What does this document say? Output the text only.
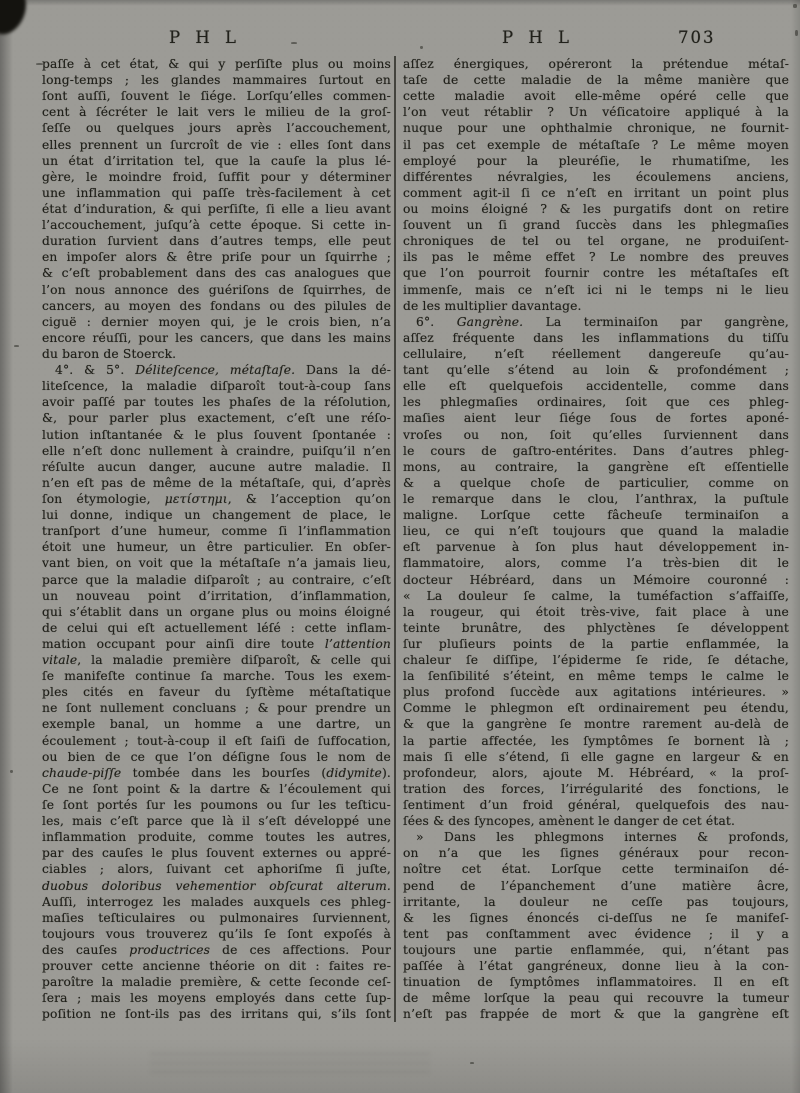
P H L	P H L	703
paſſe à cet état, & qui y perſiſte plus ou moins
long-temps ; les glandes mammaires ſurtout en
ſont auſſi, ſouvent le ſiége. Lorſqu’elles commen-
cent à ſécréter le lait vers le milieu de la groſ-
ſeſſe ou quelques jours après l’accouchement,
elles prennent un ſurcroît de vie : elles ſont dans
un état d’irritation tel, que la cauſe la plus lé-
gère, le moindre froid, ſuffit pour y déterminer
une inflammation qui paſſe très-facilement à cet
état d’induration, & qui perſiſte, ſi elle a lieu avant
l’accouchement, juſqu’à cette époque. Si cette in-
duration ſurvient dans d’autres temps, elle peut
en impoſer alors & être priſe pour un ſquirrhe ;
& c’eſt probablement dans des cas analogues que
l’on nous annonce des guériſons de ſquirrhes, de
cancers, au moyen des fondans ou des pilules de
ciguë : dernier moyen qui, je le crois bien, n’a
encore réuſſi, pour les cancers, que dans les mains
du baron de Stoerck.
4°. & 5°. Déliteſcence, métaſtaſe. Dans la dé-
liteſcence, la maladie diſparoît tout-à-coup ſans
avoir paſſé par toutes les phaſes de la réſolution,
&, pour parler plus exactement, c’eſt une réſo-
lution inſtantanée & le plus ſouvent ſpontanée :
elle n’eſt donc nullement à craindre, puiſqu’il n’en
réſulte aucun danger, aucune autre maladie. Il
n’en eſt pas de même de la métaſtaſe, qui, d’après
ſon étymologie, μετίστημι, & l’acception qu’on
lui donne, indique un changement de place, le
tranſport d’une humeur, comme ſi l’inflammation
étoit une humeur, un être particulier. En obſer-
vant bien, on voit que la métaſtaſe n’a jamais lieu,
parce que la maladie diſparoît ; au contraire, c’eſt
un nouveau point d’irritation, d’inflammation,
qui s’établit dans un organe plus ou moins éloigné
de celui qui eſt actuellement léſé : cette inflam-
mation occupant pour ainſi dire toute l’attention
vitale, la maladie première diſparoît, & celle qui
ſe manifeſte continue ſa marche. Tous les exem-
ples cités en faveur du ſyſtème métaſtatique
ne ſont nullement concluans ; & pour prendre un
exemple banal, un homme a une dartre, un
écoulement ; tout-à-coup il eſt ſaiſi de ſuffocation,
ou bien de ce que l’on déſigne ſous le nom de
chaude-piſſe tombée dans les bourſes (didymite).
Ce ne ſont point & la dartre & l’écoulement qui
ſe ſont portés ſur les poumons ou ſur les teſticu-
les, mais c’eſt parce que là il s’eſt développé une
inflammation produite, comme toutes les autres,
par des cauſes le plus ſouvent externes ou appré-
ciables ; alors, ſuivant cet aphoriſme ſi juſte,
duobus doloribus vehementior obſcurat alterum.
Auſſi, interrogez les malades auxquels ces phleg-
maſies teſticulaires ou pulmonaires ſurviennent,
toujours vous trouverez qu’ils ſe ſont expoſés à
des cauſes productrices de ces affections. Pour
prouver cette ancienne théorie on dit : faites re-
paroître la maladie première, & cette ſeconde ceſ-
ſera ; mais les moyens employés dans cette ſup-
poſition ne ſont-ils pas des irritans qui, s’ils ſont
aſſez énergiques, opéreront la prétendue métaſ-
taſe de cette maladie de la même manière que
cette maladie avoit elle-même opéré celle que
l’on veut rétablir ? Un véſicatoire appliqué à la
nuque pour une ophthalmie chronique, ne fournit-
il pas cet exemple de métaſtaſe ? Le même moyen
employé pour la pleuréſie, le rhumatiſme, les
différentes névralgies, les écoulemens anciens,
comment agit-il ſi ce n’eſt en irritant un point plus
ou moins éloigné ? & les purgatifs dont on retire
ſouvent un ſi grand ſuccès dans les phlegmaſies
chroniques de tel ou tel organe, ne produiſent-
ils pas le même effet ? Le nombre des preuves
que l’on pourroit fournir contre les métaſtaſes eſt
immenſe, mais ce n’eſt ici ni le temps ni le lieu
de les multiplier davantage.
6°. Gangrène. La terminaiſon par gangrène,
aſſez fréquente dans les inflammations du tiſſu
cellulaire, n’eſt réellement dangereuſe qu’au-
tant qu’elle s’étend au loin & profondément ;
elle eſt quelquefois accidentelle, comme dans
les phlegmaſies ordinaires, ſoit que ces phleg-
maſies aient leur ſiége ſous de fortes aponé-
vroſes ou non, ſoit qu’elles ſurviennent dans
le cours de gaſtro-entérites. Dans d’autres phleg-
mons, au contraire, la gangrène eſt eſſentielle
& a quelque choſe de particulier, comme on
le remarque dans le clou, l’anthrax, la puſtule
maligne. Lorſque cette fâcheuſe terminaiſon a
lieu, ce qui n’eſt toujours que quand la maladie
eſt parvenue à ſon plus haut développement in-
flammatoire, alors, comme l’a très-bien dit le
docteur Hébréard, dans un Mémoire couronné :
« La douleur ſe calme, la tuméfaction s’affaiſſe,
la rougeur, qui étoit très-vive, fait place à une
teinte brunâtre, des phlyctènes ſe développent
ſur pluſieurs points de la partie enflammée, la
chaleur ſe diſſipe, l’épiderme ſe ride, ſe détache,
la ſenſibilité s’éteint, en même temps le calme le
plus profond ſuccède aux agitations intérieures. »
Comme le phlegmon eſt ordinairement peu étendu,
& que la gangrène ſe montre rarement au-delà de
la partie affectée, les ſymptômes ſe bornent là ;
mais ſi elle s’étend, ſi elle gagne en largeur & en
profondeur, alors, ajoute M. Hébréard, « la proſ-
tration des forces, l’irrégularité des fonctions, le
ſentiment d’un froid général, quelquefois des nau-
ſées & des ſyncopes, amènent le danger de cet état.
» Dans les phlegmons internes & profonds,
on n’a que les ſignes généraux pour recon-
noître cet état. Lorſque cette terminaiſon dé-
pend de l’épanchement d’une matière âcre,
irritante, la douleur ne ceſſe pas toujours,
& les ſignes énoncés ci-deſſus ne ſe manifeſ-
tent pas conſtamment avec évidence ; il y a
toujours une partie enflammée, qui, n’étant pas
paſſée à l’état gangréneux, donne lieu à la con-
tinuation de ſymptômes inflammatoires. Il en eſt
de même lorſque la peau qui recouvre la tumeur
n’eſt pas frappée de mort & que la gangrène eſt
